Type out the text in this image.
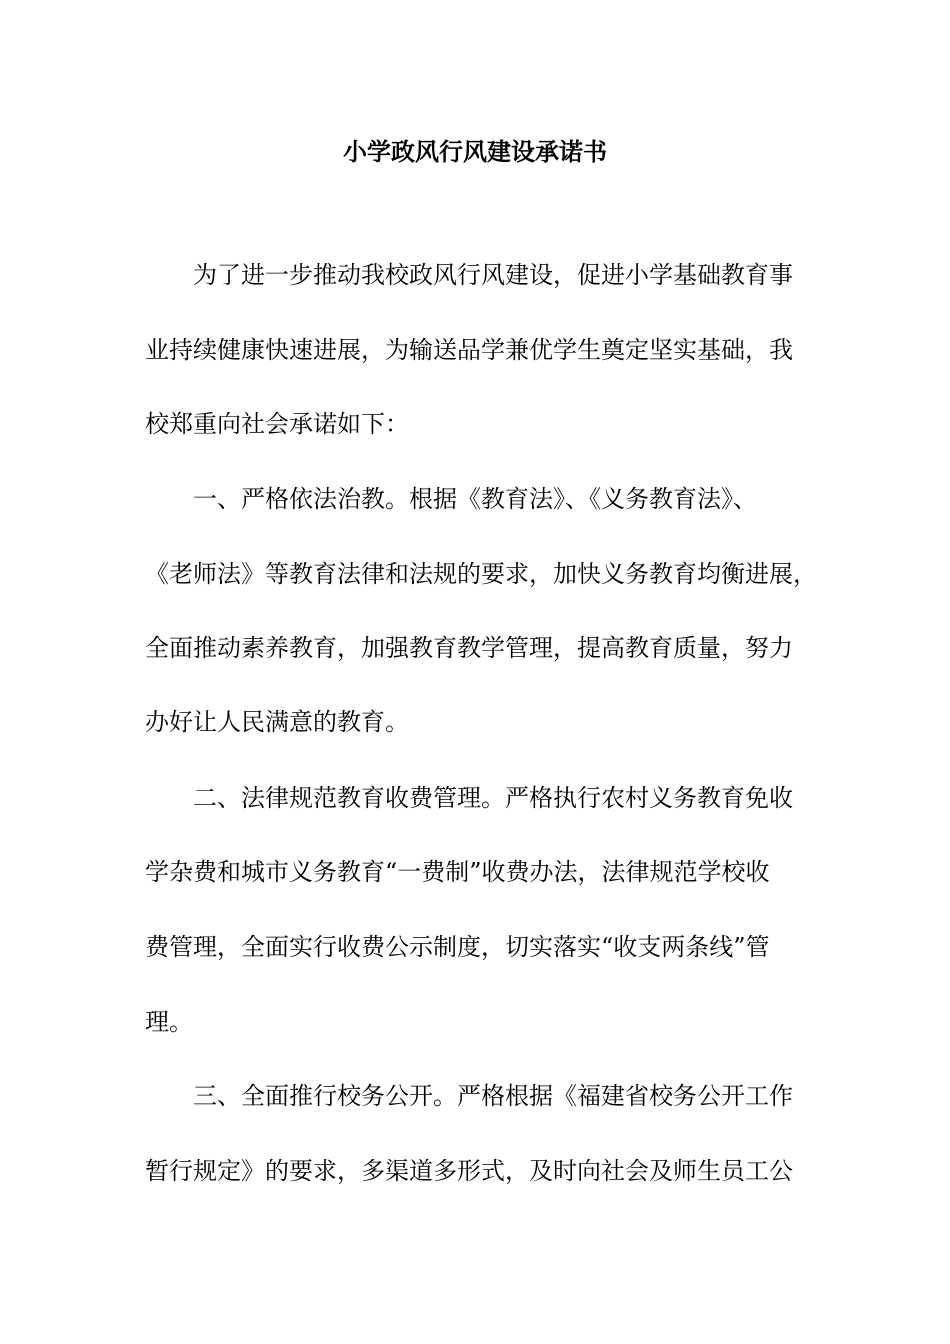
小学政风行风建设承诺书
为了进一步推动我校政风行风建设，促进小学基础教育事
业持续健康快速进展，为输送品学兼优学生奠定坚实基础，我
校郑重向社会承诺如下：
一、严格依法治教。根据《教育法》、《义务教育法》、
《老师法》等教育法律和法规的要求，加快义务教育均衡进展，
全面推动素养教育，加强教育教学管理，提高教育质量，努力
办好让人民满意的教育。
二、法律规范教育收费管理。严格执行农村义务教育免收
学杂费和城市义务教育“一费制”收费办法，法律规范学校收
费管理，全面实行收费公示制度，切实落实“收支两条线”管
理。
三、全面推行校务公开。严格根据《福建省校务公开工作
暂行规定》的要求，多渠道多形式，及时向社会及师生员工公
